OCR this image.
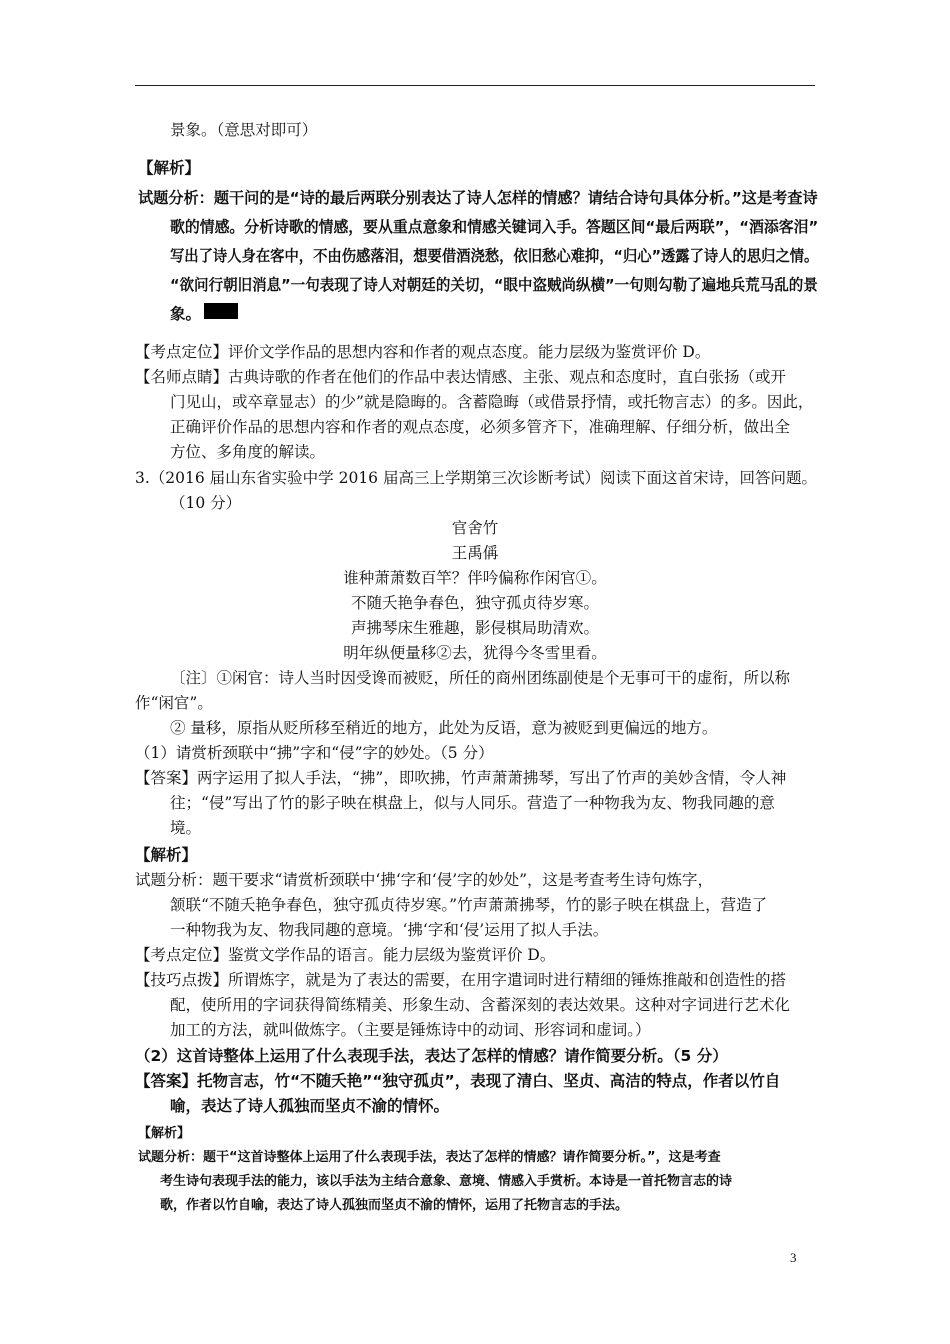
景象。（意思对即可）
【解析】
试题分析：题干问的是“诗的最后两联分别表达了诗人怎样的情感？请结合诗句具体分析。”这是考查诗
歌的情感。分析诗歌的情感，要从重点意象和情感关键词入手。答题区间“最后两联”，“酒添客泪”
写出了诗人身在客中，不由伤感落泪，想要借酒浇愁，依旧愁心难抑，“归心”透露了诗人的思归之情。
“欲问行朝旧消息”一句表现了诗人对朝廷的关切，“眼中盗贼尚纵横”一句则勾勒了遍地兵荒马乱的景
象。
【考点定位】评价文学作品的思想内容和作者的观点态度。能力层级为鉴赏评价 D。
【名师点睛】古典诗歌的作者在他们的作品中表达情感、主张、观点和态度时，直白张扬（或开
门见山，或卒章显志）的少”就是隐晦的。含蓄隐晦（或借景抒情，或托物言志）的多。因此，
正确评价作品的思想内容和作者的观点态度，必须多管齐下，准确理解、仔细分析，做出全
方位、多角度的解读。
3.（2016 届山东省实验中学 2016 届高三上学期第三次诊断考试）阅读下面这首宋诗，回答问题。
（10 分）
官舍竹
王禹偁
谁种萧萧数百竿？伴吟偏称作闲官①。
不随夭艳争春色，独守孤贞待岁寒。
声拂琴床生雅趣，影侵棋局助清欢。
明年纵便量移②去，犹得今冬雪里看。
〔注〕①闲官：诗人当时因受谗而被贬，所任的商州团练副使是个无事可干的虚衔，所以称
作“闲官”。
② 量移，原指从贬所移至稍近的地方，此处为反语，意为被贬到更偏远的地方。
（1）请赏析颈联中“拂”字和“侵”字的妙处。（5 分）
【答案】两字运用了拟人手法，“拂”，即吹拂，竹声萧萧拂琴，写出了竹声的美妙含情，令人神
往；“侵”写出了竹的影子映在棋盘上，似与人同乐。营造了一种物我为友、物我同趣的意
境。
【解析】
试题分析：题干要求“请赏析颈联中‘拂‘字和‘侵’字的妙处”，这是考查考生诗句炼字，
颔联“不随夭艳争春色，独守孤贞待岁寒。”竹声萧萧拂琴，竹的影子映在棋盘上，营造了
一种物我为友、物我同趣的意境。‘拂‘字和‘侵’运用了拟人手法。
【考点定位】鉴赏文学作品的语言。能力层级为鉴赏评价 D。
【技巧点拨】所谓炼字，就是为了表达的需要，在用字遣词时进行精细的锤炼推敲和创造性的搭
配，使所用的字词获得简练精美、形象生动、含蓄深刻的表达效果。这种对字词进行艺术化
加工的方法，就叫做炼字。（主要是锤炼诗中的动词、形容词和虚词。）
（2）这首诗整体上运用了什么表现手法，表达了怎样的情感？请作简要分析。（5 分）
【答案】托物言志，竹“不随夭艳”“独守孤贞”，表现了清白、坚贞、高洁的特点，作者以竹自
喻，表达了诗人孤独而坚贞不渝的情怀。
【解析】
试题分析：题干“这首诗整体上运用了什么表现手法，表达了怎样的情感？请作简要分析。”，这是考查
考生诗句表现手法的能力，该以手法为主结合意象、意境、情感入手赏析。本诗是一首托物言志的诗
歌，作者以竹自喻，表达了诗人孤独而坚贞不渝的情怀，运用了托物言志的手法。
3
